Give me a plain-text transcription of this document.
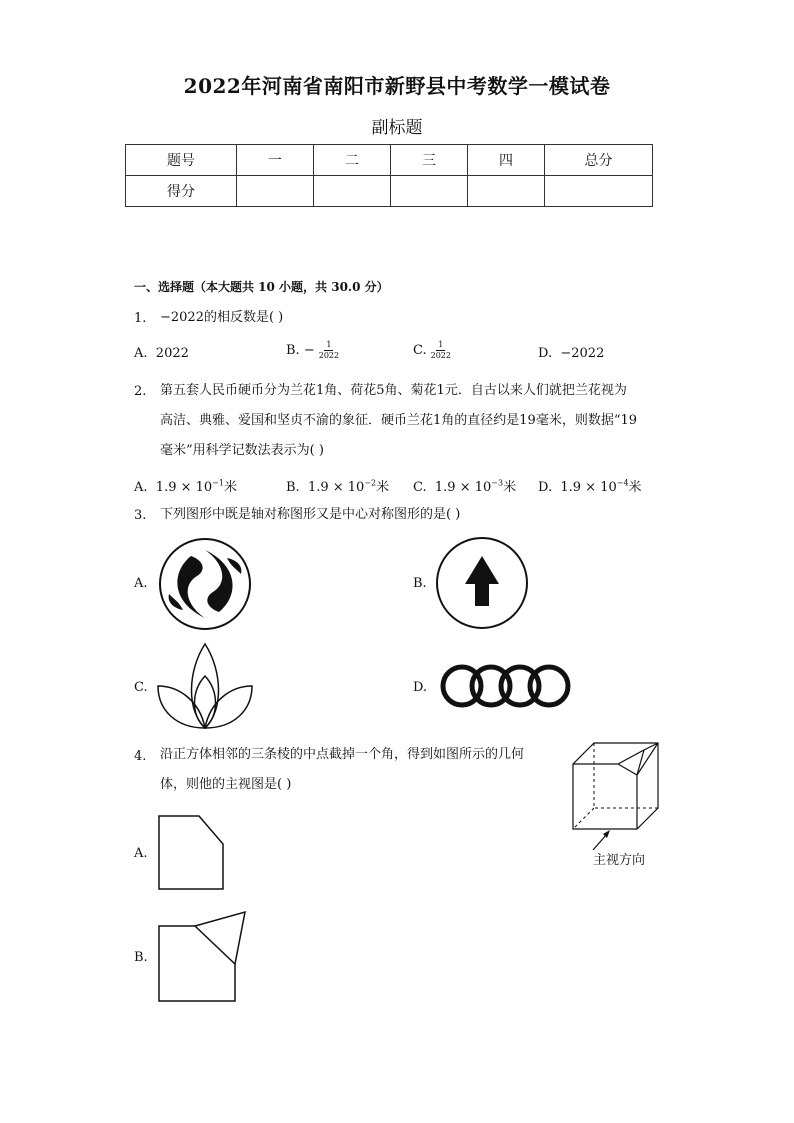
2022年河南省南阳市新野县中考数学一模试卷
副标题
题号	一	二	三	四	总分
得分					
一、选择题（本大题共 10 小题，共 30.0 分）
1. −2022的相反数是( )
A. 2022	B. − $\frac{1}{2022}$	C. $\frac{1}{2022}$	D. −2022
2. 第五套人民币硬币分为兰花1角、荷花5角、菊花1元．自古以来人们就把兰花视为
高洁、典雅、爱国和坚贞不渝的象征．硬币兰花1角的直径约是19毫米，则数据“19
毫米”用科学记数法表示为( )
A. $1.9 \times 10^{-1}$米	B. $1.9 \times 10^{-2}$米 C. $1.9 \times 10^{-3}$米 D. $1.9 \times 10^{-4}$米
3. 下列图形中既是轴对称图形又是中心对称图形的是( )
A.	B.
C.	D.
4. 沿正方体相邻的三条棱的中点截掉一个角，得到如图所示的几何
体，则他的主视图是( )
主视方向
A.
B.
